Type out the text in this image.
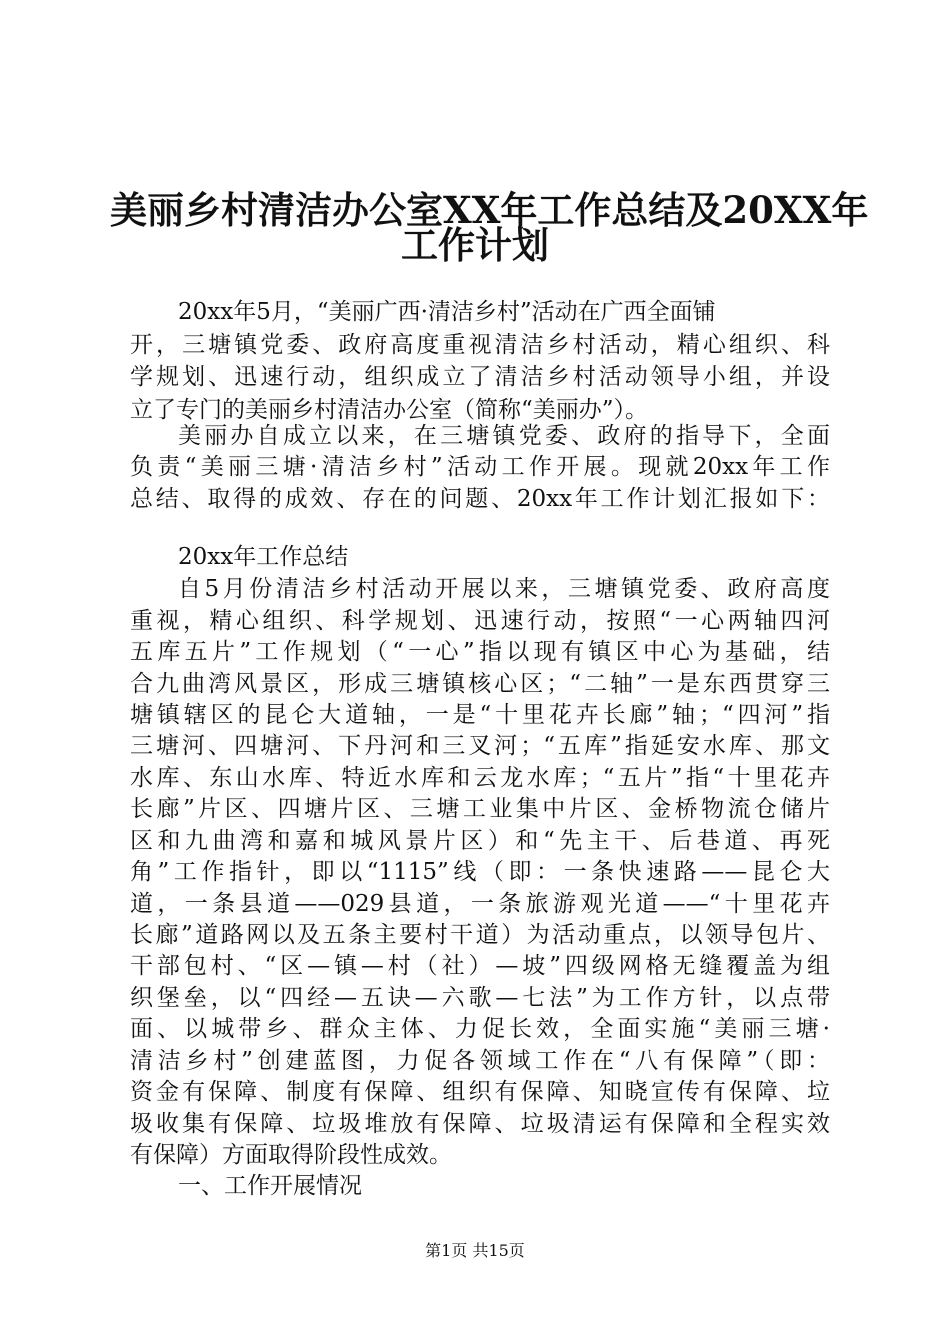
美丽乡村清洁办公室XX年工作总结及20XX年
工作计划

20xx年5月，“美丽广西·清洁乡村”活动在广西全面铺

开，三塘镇党委、政府高度重视清洁乡村活动，精心组织、科

学规划、迅速行动，组织成立了清洁乡村活动领导小组，并设

立了专门的美丽乡村清洁办公室（简称“美丽办”）。

美丽办自成立以来，在三塘镇党委、政府的指导下，全面

负责“美丽三塘·清洁乡村”活动工作开展。现就20xx年工作

总结、取得的成效、存在的问题、20xx年工作计划汇报如下：

20xx年工作总结

自5月份清洁乡村活动开展以来，三塘镇党委、政府高度

重视，精心组织、科学规划、迅速行动，按照“一心两轴四河

五库五片”工作规划（“一心”指以现有镇区中心为基础，结

合九曲湾风景区，形成三塘镇核心区；“二轴”一是东西贯穿三

塘镇辖区的昆仑大道轴，一是“十里花卉长廊”轴；“四河”指

三塘河、四塘河、下丹河和三叉河；“五库”指延安水库、那文

水库、东山水库、特近水库和云龙水库；“五片”指“十里花卉

长廊”片区、四塘片区、三塘工业集中片区、金桥物流仓储片

区和九曲湾和嘉和城风景片区）和“先主干、后巷道、再死

角”工作指针，即以“1115”线（即：一条快速路——昆仑大

道，一条县道——029县道，一条旅游观光道——“十里花卉

长廊”道路网以及五条主要村干道）为活动重点，以领导包片、

干部包村、“区—镇—村（社）—坡”四级网格无缝覆盖为组

织堡垒，以“四经—五诀—六歌—七法”为工作方针，以点带

面、以城带乡、群众主体、力促长效，全面实施“美丽三塘·

清洁乡村”创建蓝图，力促各领域工作在“八有保障”（即：

资金有保障、制度有保障、组织有保障、知晓宣传有保障、垃

圾收集有保障、垃圾堆放有保障、垃圾清运有保障和全程实效

有保障）方面取得阶段性成效。

一、工作开展情况

第1页 共15页
